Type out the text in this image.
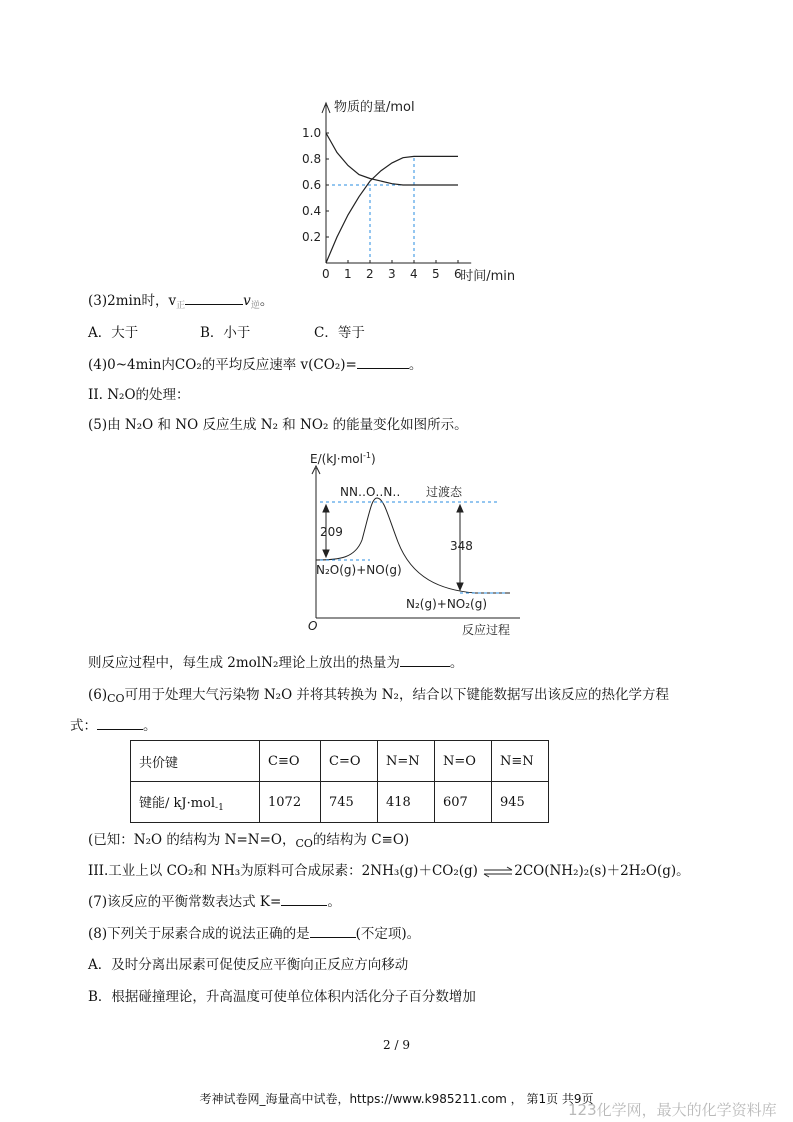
0 1 2 3 4 5 6
0.2
0.4
0.6
0.8
1.0
物质的量/mol
时间/min
(3)2min时，$v_正$	$v_逆$。
A．大于	B．小于	C．等于
(4)0~4min内CO₂的平均反应速率 v(CO₂)=	。
II. N₂O的处理：
(5)由 N₂O 和 NO 反应生成 N₂ 和 NO₂ 的能量变化如图所示。
E/(kJ·mol$^{-1}$)
NN‥O‥N‥ 过渡态
209
348
N₂O(g)+NO(g)
N₂(g)+NO₂(g)
O	反应过程
则反应过程中，每生成 2molN₂理论上放出的热量为	。
$(6)_{CO}$可用于处理大气污染物 N₂O 并将其转换为 N₂，结合以下键能数据写出该反应的热化学方程
式：	。
共价键	C≡O	C=O	N=N	N=O	N≡N
键能/ kJ·mol$_{-1}$	1072	745	418	607	945
(已知：N₂O 的结构为 N=N=O，$_{CO}$的结构为 C≡O)
III.工业上以 CO₂和 NH₃为原料可合成尿素：2NH₃(g)＋CO₂(g) ⇌2CO(NH₂)₂(s)＋2H₂O(g)。
(7)该反应的平衡常数表达式 K=	。
(8)下列关于尿素合成的说法正确的是	(不定项)。
A．及时分离出尿素可促使反应平衡向正反应方向移动
B．根据碰撞理论，升高温度可使单位体积内活化分子百分数增加
2 / 9
考神试卷网_海量高中试卷，https://www.k985211.com ， 第1页 共9页
123化学网，最大的化学资料库
